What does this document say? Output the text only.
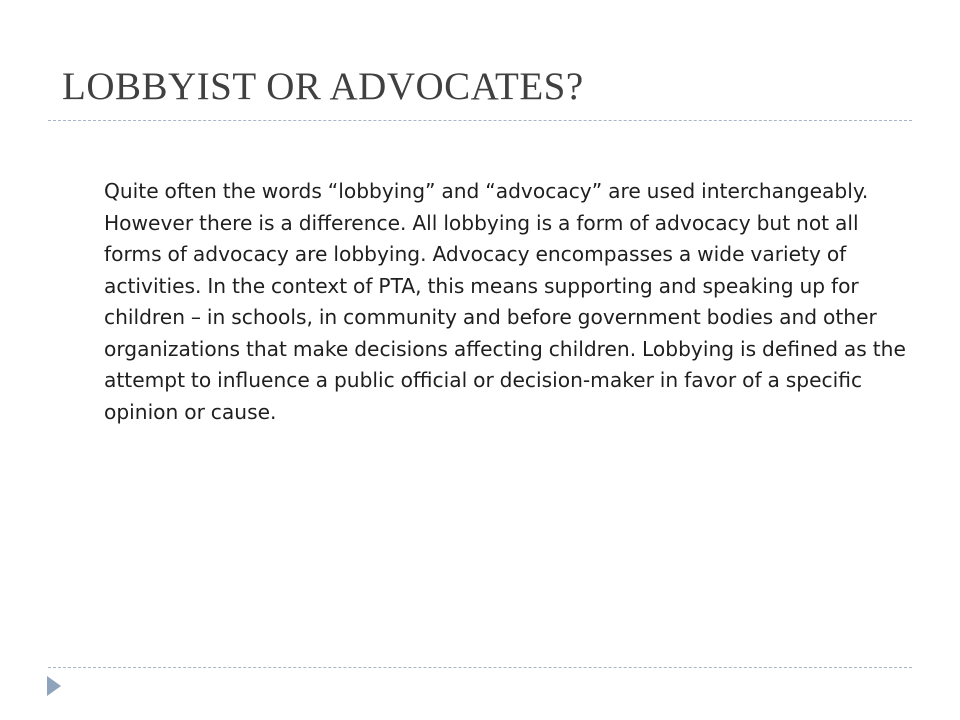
LOBBYIST OR ADVOCATES?

Quite often the words “lobbying” and “advocacy” are used interchangeably. However there is a difference. All lobbying is a form of advocacy but not all forms of advocacy are lobbying. Advocacy encompasses a wide variety of activities. In the context of PTA, this means supporting and speaking up for children – in schools, in community and before government bodies and other organizations that make decisions affecting children. Lobbying is defined as the attempt to influence a public official or decision-maker in favor of a specific opinion or cause.
